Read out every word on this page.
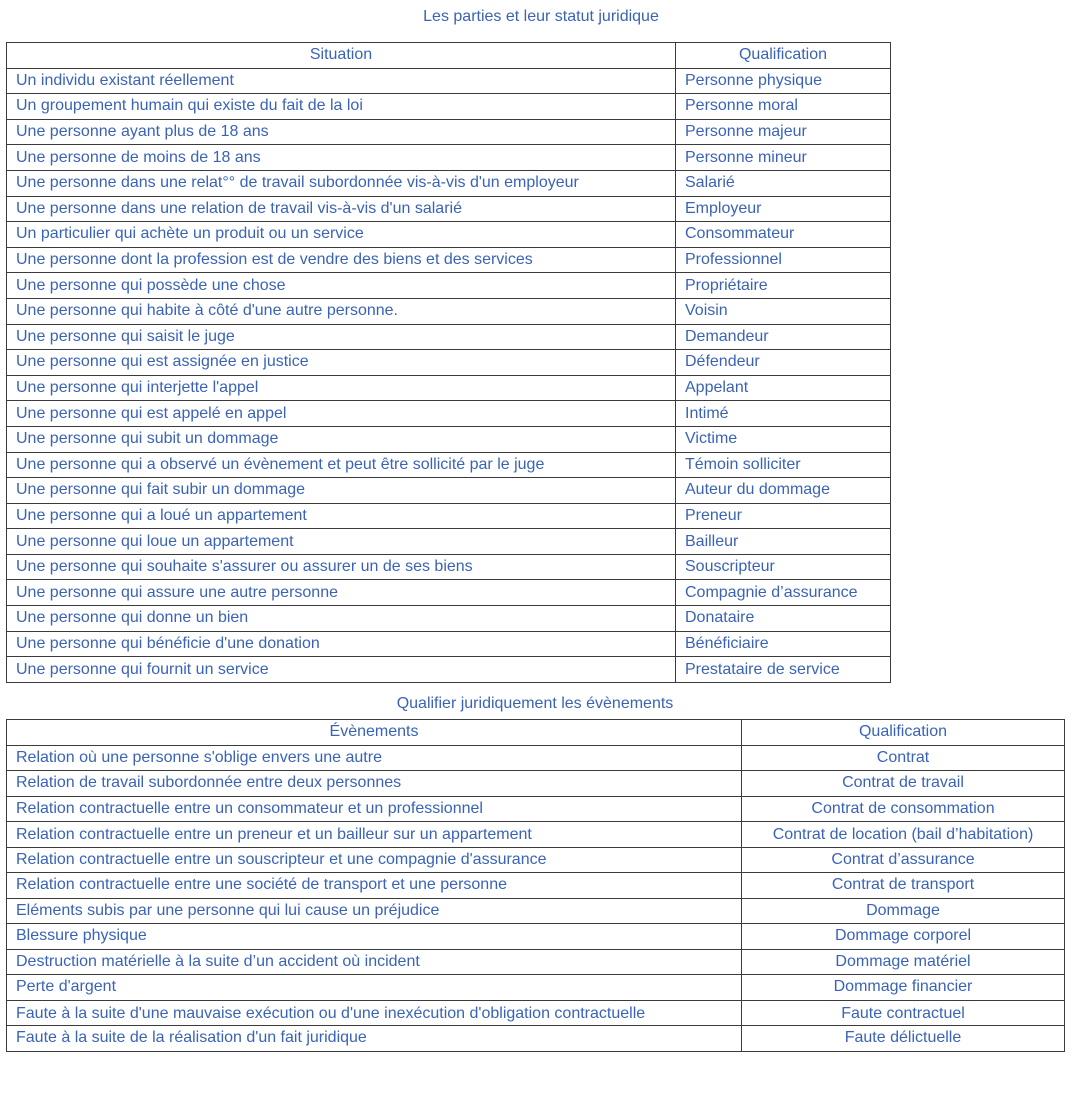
Les parties et leur statut juridique
Situation	Qualification
Un individu existant réellement	Personne physique
Un groupement humain qui existe du fait de la loi	Personne moral
Une personne ayant plus de 18 ans	Personne majeur
Une personne de moins de 18 ans	Personne mineur
Une personne dans une relat°° de travail subordonnée vis-à-vis d'un employeur	Salarié
Une personne dans une relation de travail vis-à-vis d'un salarié	Employeur
Un particulier qui achète un produit ou un service	Consommateur
Une personne dont la profession est de vendre des biens et des services	Professionnel
Une personne qui possède une chose	Propriétaire
Une personne qui habite à côté d'une autre personne.	Voisin
Une personne qui saisit le juge	Demandeur
Une personne qui est assignée en justice	Défendeur
Une personne qui interjette l'appel	Appelant
Une personne qui est appelé en appel	Intimé
Une personne qui subit un dommage	Victime
Une personne qui a observé un évènement et peut être sollicité par le juge	Témoin solliciter
Une personne qui fait subir un dommage	Auteur du dommage
Une personne qui a loué un appartement	Preneur
Une personne qui loue un appartement	Bailleur
Une personne qui souhaite s'assurer ou assurer un de ses biens	Souscripteur
Une personne qui assure une autre personne	Compagnie d’assurance
Une personne qui donne un bien	Donataire
Une personne qui bénéficie d'une donation	Bénéficiaire
Une personne qui fournit un service	Prestataire de service
Qualifier juridiquement les évènements
Évènements	Qualification
Relation où une personne s'oblige envers une autre	Contrat
Relation de travail subordonnée entre deux personnes	Contrat de travail
Relation contractuelle entre un consommateur et un professionnel	Contrat de consommation
Relation contractuelle entre un preneur et un bailleur sur un appartement	Contrat de location (bail d’habitation)
Relation contractuelle entre un souscripteur et une compagnie d'assurance	Contrat d’assurance
Relation contractuelle entre une société de transport et une personne	Contrat de transport
Eléments subis par une personne qui lui cause un préjudice	Dommage
Blessure physique	Dommage corporel
Destruction matérielle à la suite d’un accident où incident	Dommage matériel
Perte d'argent	Dommage financier
Faute à la suite d'une mauvaise exécution ou d'une inexécution d'obligation contractuelle	Faute contractuel
Faute à la suite de la réalisation d'un fait juridique	Faute délictuelle
